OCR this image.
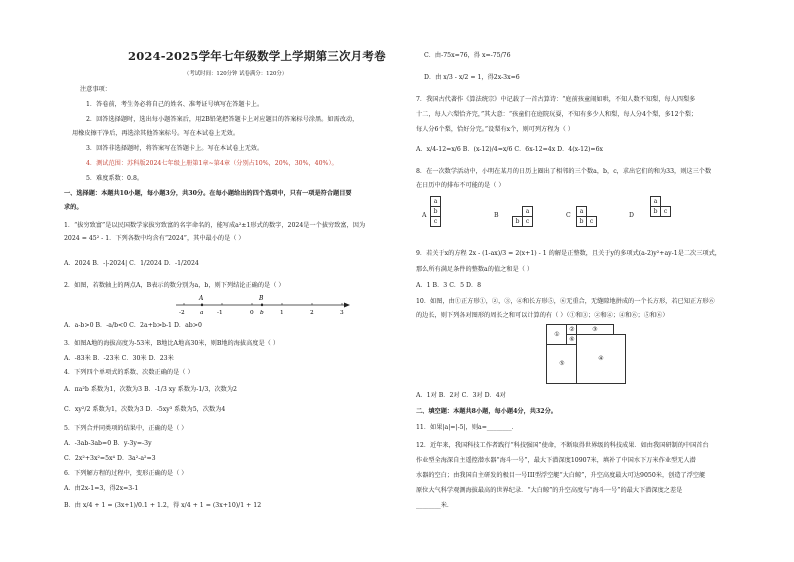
2024-2025学年七年级数学上学期第三次月考卷
（考试时间：120分钟 试卷满分：120分）
注意事项：
1．答卷前，考生务必将自己的姓名、准考证号填写在答题卡上。
2．回答选择题时，选出每小题答案后，用2B铅笔把答题卡上对应题目的答案标号涂黑。如需改动，
用橡皮擦干净后，再选涂其他答案标号。写在本试卷上无效。
3．回答非选择题时，将答案写在答题卡上。写在本试卷上无效。
4．测试范围：苏科版2024七年级上册第1章~第4章（分别占10%，20%，30%，40%）。
5．难度系数：0.8。
一、选择题：本题共10小题，每小题3分，共30分。在每小题给出的四个选项中，只有一项是符合题目要
求的。
1．“拔穷致富”是以民国数学家拔穷致富的名字命名的，能写成a²±1形式的数字，2024是一个拔穷致富，因为
2024 = 45² - 1．下列各数中均含有“2024”，其中最小的是（ ）
A．2024 B．-|-2024| C．1/2024 D．-1/2024
2．如图，若数轴上的两点A，B表示的数分别为a，b，则下列结论正确的是（ ）
A	B
-2	a -1	0 b	1	2	3
A．a-b>0 B．-a/b<0 C．2a+b>b-1 D．ab>0
3．如图A地的海拔高度为-53米，B地比A地高30米，则B地的海拔高度是（ ）
A．-83米 B．-23米 C．30米 D．23米
4．下列四个单项式的系数、次数正确的是（ ）
A．πa²b 系数为1，次数为3 B．-1/3 xy 系数为-1/3，次数为2
C．xy²/2 系数为1，次数为3 D．-5xy³ 系数为5，次数为4
5．下列合并同类项的结果中，正确的是（ ）
A．-3ab-3ab=0 B．y-3y=-3y
C．2x²+3x²=5x⁴ D．3a²-a²=3
6．下列解方程的过程中，变形正确的是（ ）
A．由2x-1=3，得2x=3-1
B．由 x/4 + 1 = (3x+1)/0.1 + 1.2，得 x/4 + 1 = (3x+10)/1 + 12
C．由-75x=76，得 x=-75/76
D．由 x/3 - x/2 = 1，得2x-3x=6
7．我国古代著作《算法统宗》中记载了一首古算诗：“庭前孩童闹如哄，不知人数不知梨，每人四梨多
十二，每人六梨恰齐完，”其大意：“孩童们在庭院玩耍，不知有多少人和梨，每人分4个梨，多12个梨；
每人分6个梨，恰好分完。”设梨有x个，则可列方程为（ ）
A．x/4-12=x/6 B．(x-12)/4=x/6 C．6x-12=4x D．4(x-12)=6x
8．在一次数学活动中，小明在某月的日历上圈出了相邻的三个数a，b，c，求出它们的和为33，则这三个数
在日历中的排布不可能的是（ ）
A
a
b
c
B
a
b	c
C
a
b	c
D
a
b	c
9．若关于x的方程 2x - (1-ax)/3 = 2(x+1) - 1 的解是正整数，且关于y的多项式(a-2)y²+ay-1是二次三项式，
那么所有满足条件的整数a的值之和是（ ）
A．1 B．3 C．5 D．8
10．如图，由①正方形①，②，③，④和长方形⑤，⑥无重合，无缝隙地拼成的一个长方形，若已知正方形⑥
的边长，则下列各对图形的周长之和可以计算的有（ ）（①和③；②和④；④和⑥；⑤和⑥）
①
②
⑥
③
⑤
④
A．1对 B．2对 C．3对 D．4对
二、填空题：本题共8小题，每小题4分，共32分。
11．如果|a|=|-5|，则a=________．
12．近年来，我国科技工作者践行“科技强国”使命，不断取得世界级的科技成果．如由我国研制的中国首台
作业型全海深自主遥控潜水器“海斗一号”，最大下潜深度10907米，填补了中国水下万米作业型无人潜
水器的空白；由我国自主研发的极目一号III型浮空艇“大白鲸”，升空高度最大可达9050米，创造了浮空艇
原位大气科学观测海拔最高的世界纪录．“大白鲸”的升空高度与“海斗一号”的最大下潜深度之差是
________米．
